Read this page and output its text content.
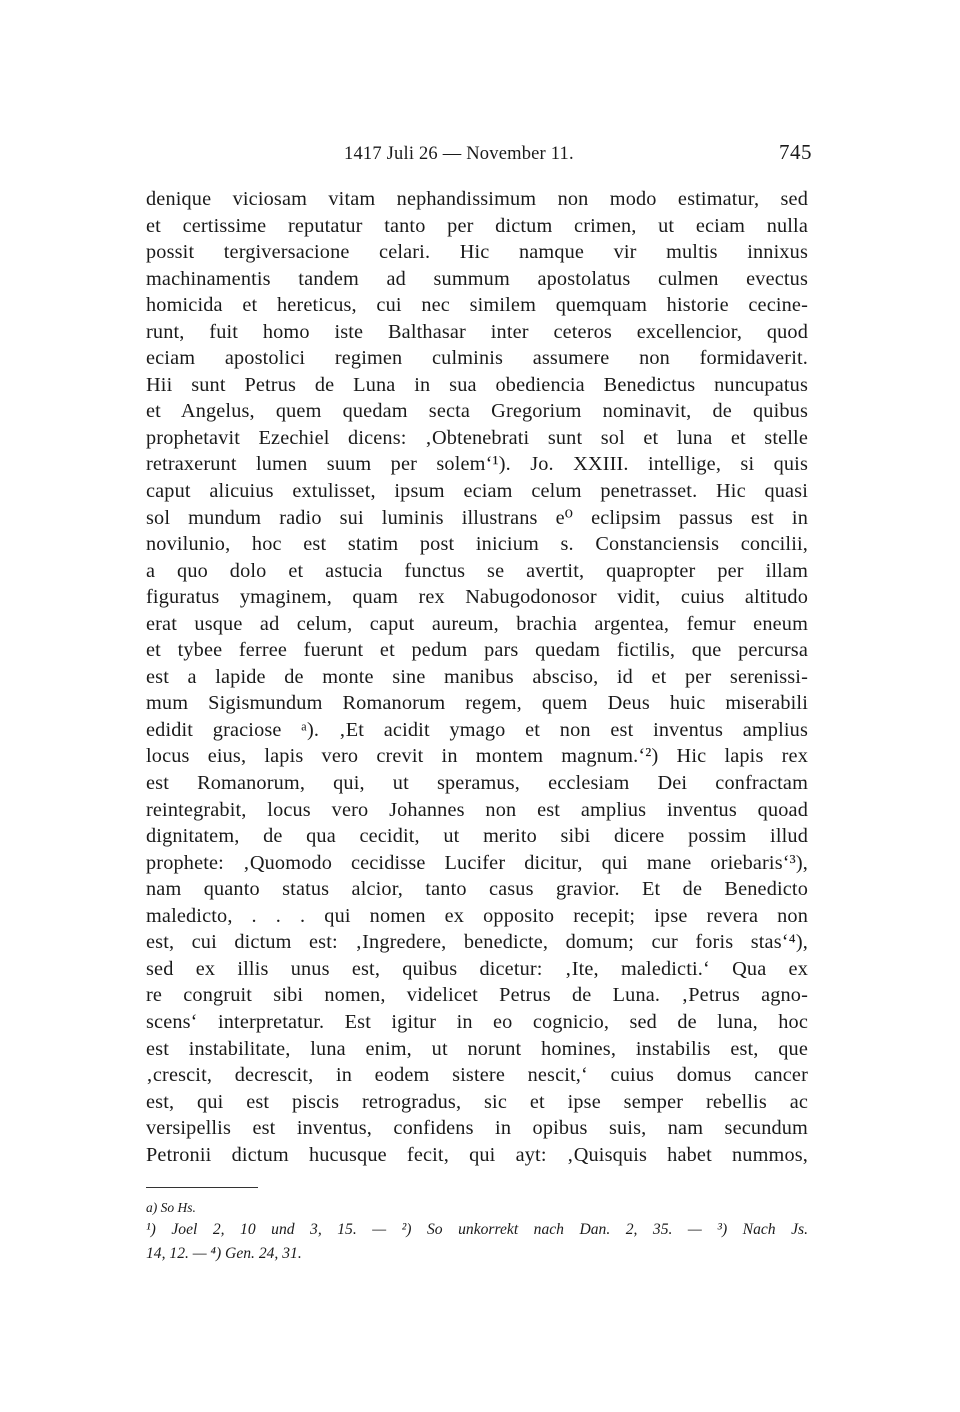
1417 Juli 26 — November 11.	745
denique viciosam vitam nephandissimum non modo estimatur, sed
et certissime reputatur tanto per dictum crimen, ut eciam nulla
possit tergiversacione celari. Hic namque vir multis innixus
machinamentis tandem ad summum apostolatus culmen evectus
homicida et hereticus, cui nec similem quemquam historie cecine-
runt, fuit homo iste Balthasar inter ceteros excellencior, quod
eciam apostolici regimen culminis assumere non formidaverit.
Hii sunt Petrus de Luna in sua obediencia Benedictus nuncupatus
et Angelus, quem quedam secta Gregorium nominavit, de quibus
prophetavit Ezechiel dicens: ‚Obtenebrati sunt sol et luna et stelle
retraxerunt lumen suum per solem‘¹). Jo. XXIII. intellige, si quis
caput alicuius extulisset, ipsum eciam celum penetrasset. Hic quasi
sol mundum radio sui luminis illustrans e⁰ eclipsim passus est in
novilunio, hoc est statim post inicium s. Constanciensis concilii,
a quo dolo et astucia functus se avertit, quapropter per illam
figuratus ymaginem, quam rex Nabugodonosor vidit, cuius altitudo
erat usque ad celum, caput aureum, brachia argentea, femur eneum
et tybee ferree fuerunt et pedum pars quedam fictilis, que percursa
est a lapide de monte sine manibus absciso, id et per serenissi-
mum Sigismundum Romanorum regem, quem Deus huic miserabili
edidit graciose ᵃ). ‚Et acidit ymago et non est inventus amplius
locus eius, lapis vero crevit in montem magnum.‘²) Hic lapis rex
est Romanorum, qui, ut speramus, ecclesiam Dei confractam
reintegrabit, locus vero Johannes non est amplius inventus quoad
dignitatem, de qua cecidit, ut merito sibi dicere possim illud
prophete: ‚Quomodo cecidisse Lucifer dicitur, qui mane oriebaris‘³),
nam quanto status alcior, tanto casus gravior. Et de Benedicto
maledicto, . . . qui nomen ex opposito recepit; ipse revera non
est, cui dictum est: ‚Ingredere, benedicte, domum; cur foris stas‘⁴),
sed ex illis unus est, quibus dicetur: ‚Ite, maledicti.‘ Qua ex
re congruit sibi nomen, videlicet Petrus de Luna. ‚Petrus agno-
scens‘ interpretatur. Est igitur in eo cognicio, sed de luna, hoc
est instabilitate, luna enim, ut norunt homines, instabilis est, que
‚crescit, decrescit, in eodem sistere nescit,‘ cuius domus cancer
est, qui est piscis retrogradus, sic et ipse semper rebellis ac
versipellis est inventus, confidens in opibus suis, nam secundum
Petronii dictum hucusque fecit, qui ayt: ‚Quisquis habet nummos,
a) So Hs.
¹) Joel 2, 10 und 3, 15. — ²) So unkorrekt nach Dan. 2, 35. — ³) Nach Js.
14, 12. — ⁴) Gen. 24, 31.
